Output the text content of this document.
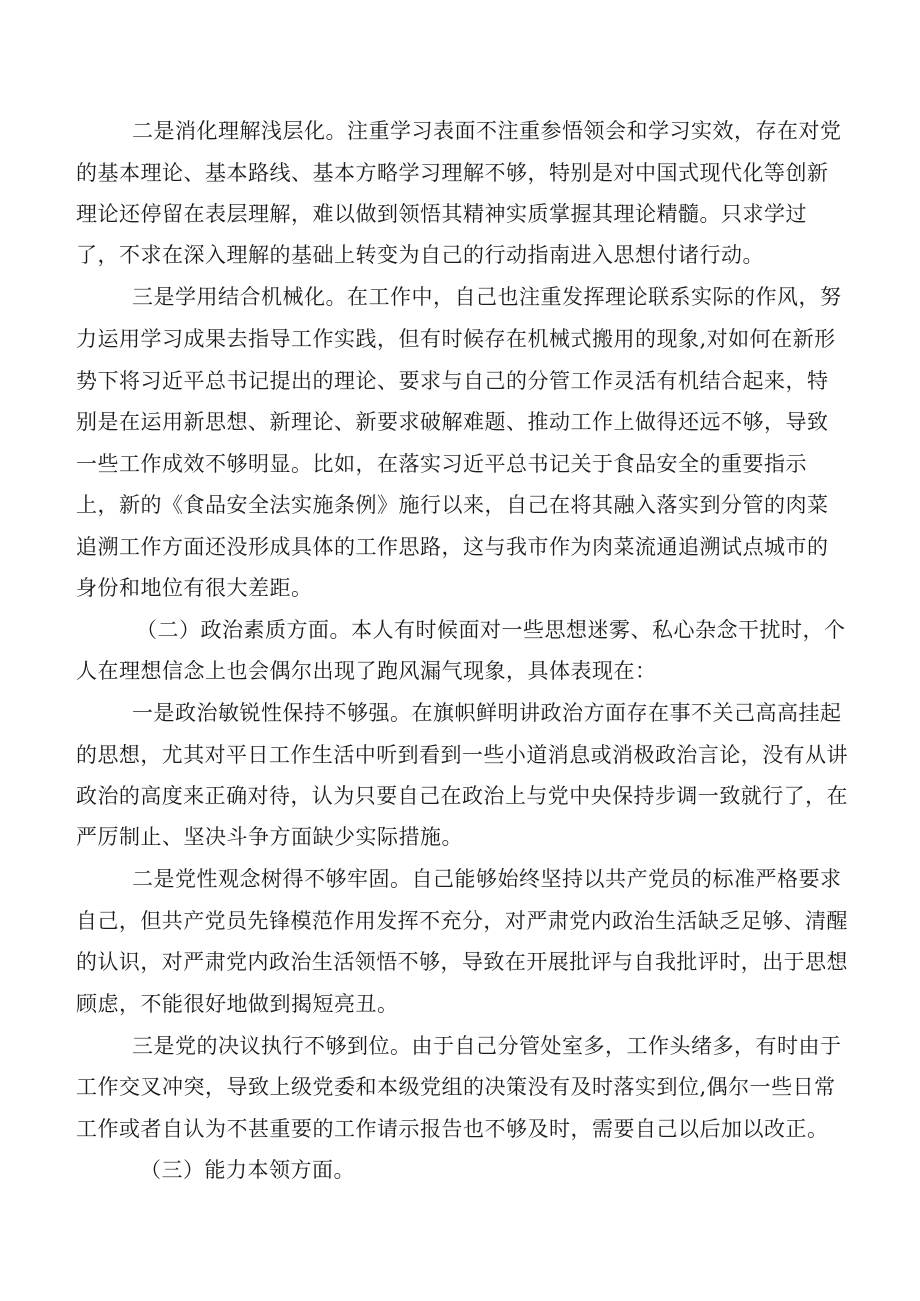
二是消化理解浅层化。注重学习表面不注重参悟领会和学习实效，存在对党
的基本理论、基本路线、基本方略学习理解不够，特别是对中国式现代化等创新
理论还停留在表层理解，难以做到领悟其精神实质掌握其理论精髓。只求学过
了，不求在深入理解的基础上转变为自己的行动指南进入思想付诸行动。
三是学用结合机械化。在工作中，自己也注重发挥理论联系实际的作风，努
力运用学习成果去指导工作实践，但有时候存在机械式搬用的现象,对如何在新形
势下将习近平总书记提出的理论、要求与自己的分管工作灵活有机结合起来，特
别是在运用新思想、新理论、新要求破解难题、推动工作上做得还远不够，导致
一些工作成效不够明显。比如，在落实习近平总书记关于食品安全的重要指示
上，新的《食品安全法实施条例》施行以来，自己在将其融入落实到分管的肉菜
追溯工作方面还没形成具体的工作思路，这与我市作为肉菜流通追溯试点城市的
身份和地位有很大差距。
（二）政治素质方面。本人有时候面对一些思想迷雾、私心杂念干扰时，个
人在理想信念上也会偶尔出现了跑风漏气现象，具体表现在：
一是政治敏锐性保持不够强。在旗帜鲜明讲政治方面存在事不关己高高挂起
的思想，尤其对平日工作生活中听到看到一些小道消息或消极政治言论，没有从讲
政治的高度来正确对待，认为只要自己在政治上与党中央保持步调一致就行了，在
严厉制止、坚决斗争方面缺少实际措施。
二是党性观念树得不够牢固。自己能够始终坚持以共产党员的标准严格要求
自己，但共产党员先锋模范作用发挥不充分，对严肃党内政治生活缺乏足够、清醒
的认识，对严肃党内政治生活领悟不够，导致在开展批评与自我批评时，出于思想
顾虑，不能很好地做到揭短亮丑。
三是党的决议执行不够到位。由于自己分管处室多，工作头绪多，有时由于
工作交叉冲突，导致上级党委和本级党组的决策没有及时落实到位,偶尔一些日常
工作或者自认为不甚重要的工作请示报告也不够及时，需要自己以后加以改正。
（三）能力本领方面。
